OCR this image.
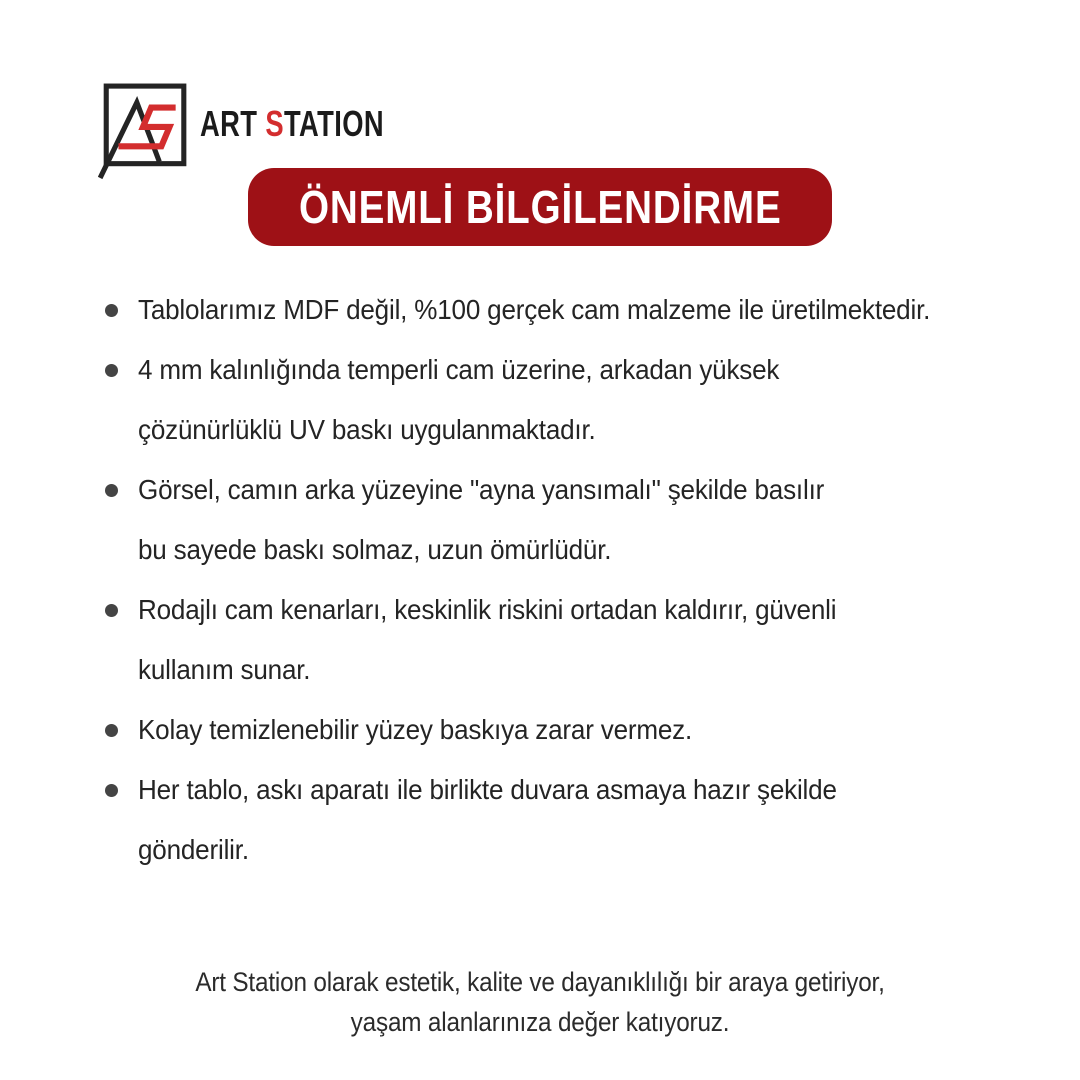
ART STATION
ÖNEMLİ BİLGİLENDİRME
Tablolarımız MDF değil, %100 gerçek cam malzeme ile üretilmektedir.
4 mm kalınlığında temperli cam üzerine, arkadan yüksek
çözünürlüklü UV baskı uygulanmaktadır.
Görsel, camın arka yüzeyine "ayna yansımalı" şekilde basılır
bu sayede baskı solmaz, uzun ömürlüdür.
Rodajlı cam kenarları, keskinlik riskini ortadan kaldırır, güvenli
kullanım sunar.
Kolay temizlenebilir yüzey baskıya zarar vermez.
Her tablo, askı aparatı ile birlikte duvara asmaya hazır şekilde
gönderilir.
Art Station olarak estetik, kalite ve dayanıklılığı bir araya getiriyor,
yaşam alanlarınıza değer katıyoruz.
